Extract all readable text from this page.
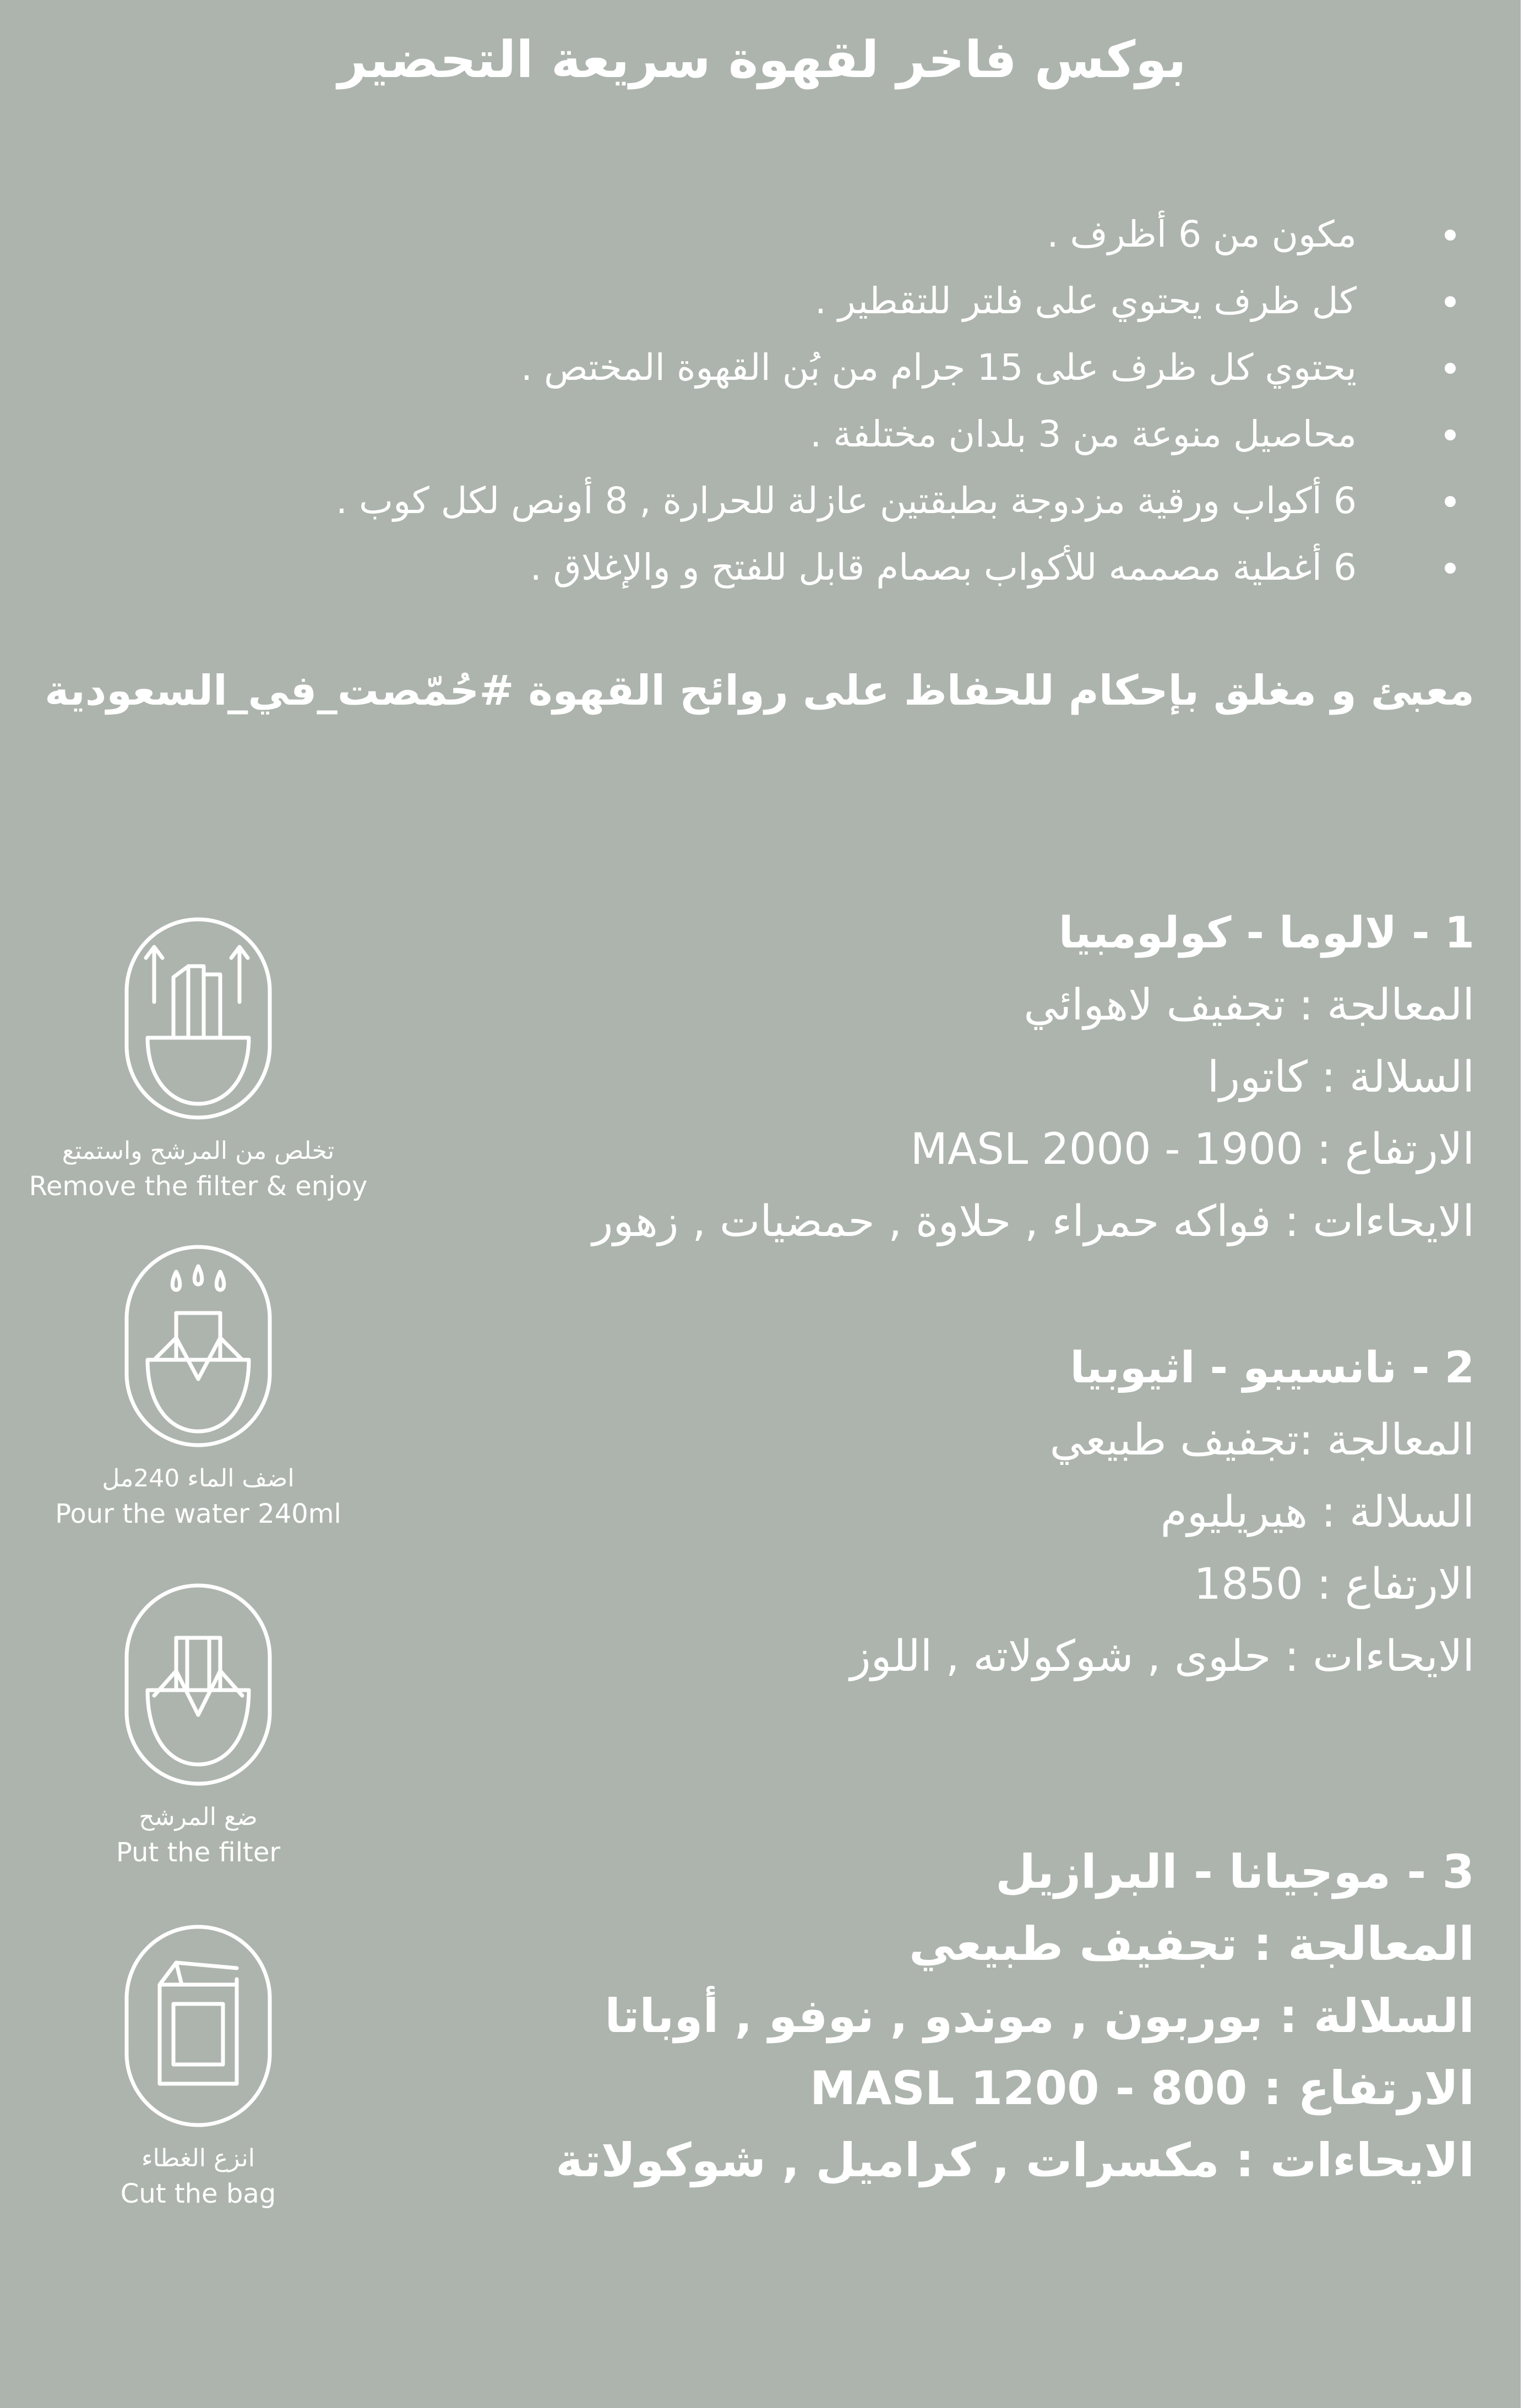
بوكس فاخر لقهوة سريعة التحضير
مكون من 6 أظرف .
كل ظرف يحتوي على فلتر للتقطير .
يحتوي كل ظرف على 15 جرام من بُن القهوة المختص .
محاصيل منوعة من 3 بلدان مختلفة .
6 أكواب ورقية مزدوجة بطبقتين عازلة للحرارة , 8 أونص لكل كوب .
6 أغطية مصممه للأكواب بصمام قابل للفتح و والإغلاق .
معبئ و مغلق بإحكام للحفاظ على روائح القهوة #حُمّصت_في_السعودية
1 - لالوما - كولومبيا
المعالجة : تجفيف لاهوائي
السلالة : كاتورا
الارتفاع : 1900 - 2000 MASL
الايحاءات : فواكه حمراء , حلاوة , حمضيات , زهور
2 - نانسيبو - اثيوبيا
المعالجة :تجفيف طبيعي
السلالة : هيريليوم
الارتفاع : 1850
الايحاءات : حلوى , شوكولاته , اللوز
3 - موجيانا - البرازيل
المعالجة : تجفيف طبيعي
السلالة : بوربون , موندو , نوفو , أوباتا
الارتفاع : 800 - 1200 MASL
الايحاءات : مكسرات , كراميل , شوكولاتة
تخلص من المرشح واستمتع
Remove the filter & enjoy
اضف الماء 240مل
Pour the water 240ml
ضع المرشح
Put the filter
انزع الغطاء
Cut the bag
